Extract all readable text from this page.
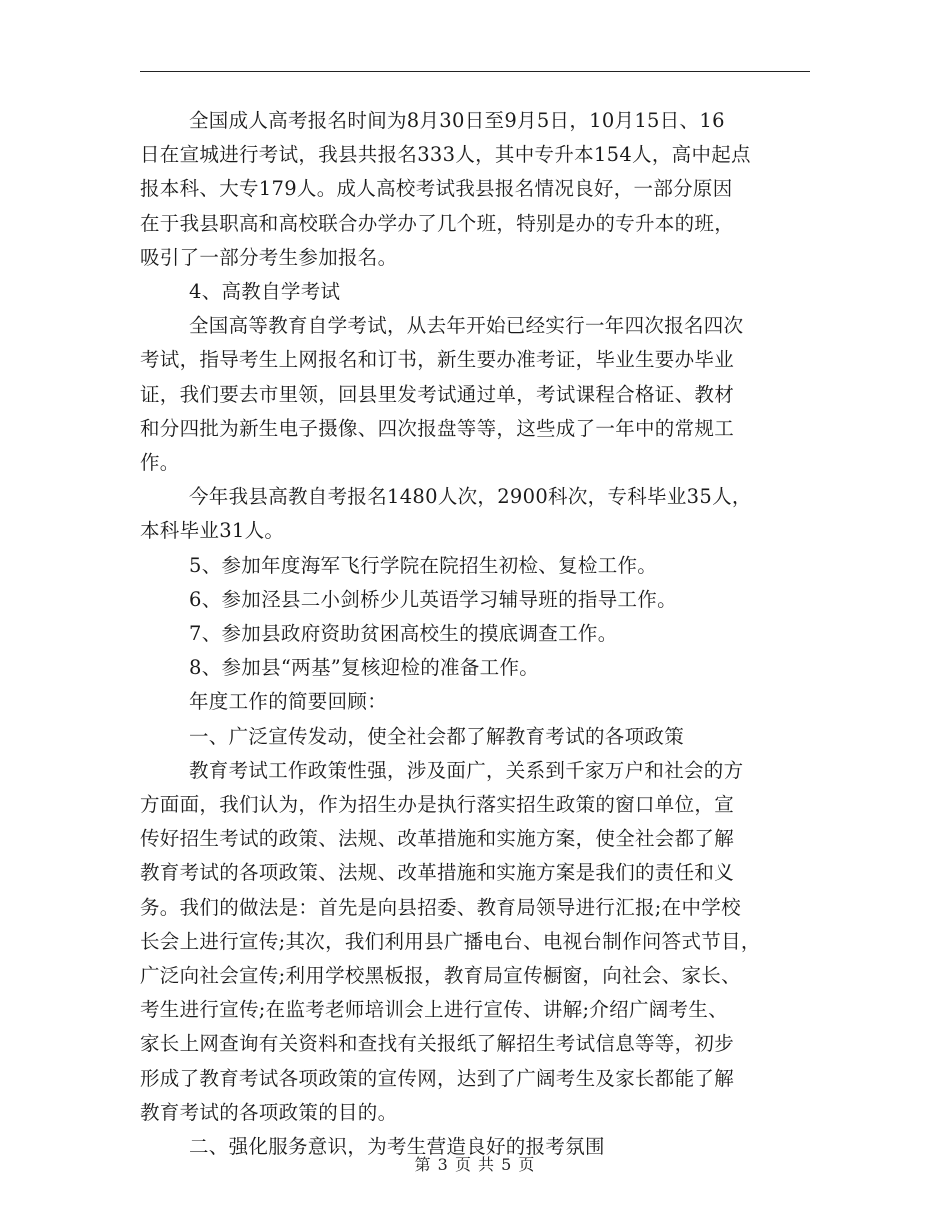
全国成人高考报名时间为8月30日至9月5日，10月15日、16
日在宣城进行考试，我县共报名333人，其中专升本154人，高中起点
报本科、大专179人。成人高校考试我县报名情况良好，一部分原因
在于我县职高和高校联合办学办了几个班，特别是办的专升本的班，
吸引了一部分考生参加报名。
4、高教自学考试
全国高等教育自学考试，从去年开始已经实行一年四次报名四次
考试，指导考生上网报名和订书，新生要办准考证，毕业生要办毕业
证，我们要去市里领，回县里发考试通过单，考试课程合格证、教材
和分四批为新生电子摄像、四次报盘等等，这些成了一年中的常规工
作。
今年我县高教自考报名1480人次，2900科次，专科毕业35人，
本科毕业31人。
5、参加年度海军飞行学院在院招生初检、复检工作。
6、参加泾县二小剑桥少儿英语学习辅导班的指导工作。
7、参加县政府资助贫困高校生的摸底调查工作。
8、参加县“两基”复核迎检的准备工作。
年度工作的简要回顾：
一、广泛宣传发动，使全社会都了解教育考试的各项政策
教育考试工作政策性强，涉及面广，关系到千家万户和社会的方
方面面，我们认为，作为招生办是执行落实招生政策的窗口单位，宣
传好招生考试的政策、法规、改革措施和实施方案，使全社会都了解
教育考试的各项政策、法规、改革措施和实施方案是我们的责任和义
务。我们的做法是：首先是向县招委、教育局领导进行汇报;在中学校
长会上进行宣传;其次，我们利用县广播电台、电视台制作问答式节目，
广泛向社会宣传;利用学校黑板报，教育局宣传橱窗，向社会、家长、
考生进行宣传;在监考老师培训会上进行宣传、讲解;介绍广阔考生、
家长上网查询有关资料和查找有关报纸了解招生考试信息等等，初步
形成了教育考试各项政策的宣传网，达到了广阔考生及家长都能了解
教育考试的各项政策的目的。
二、强化服务意识，为考生营造良好的报考氛围
第 3 页 共 5 页
